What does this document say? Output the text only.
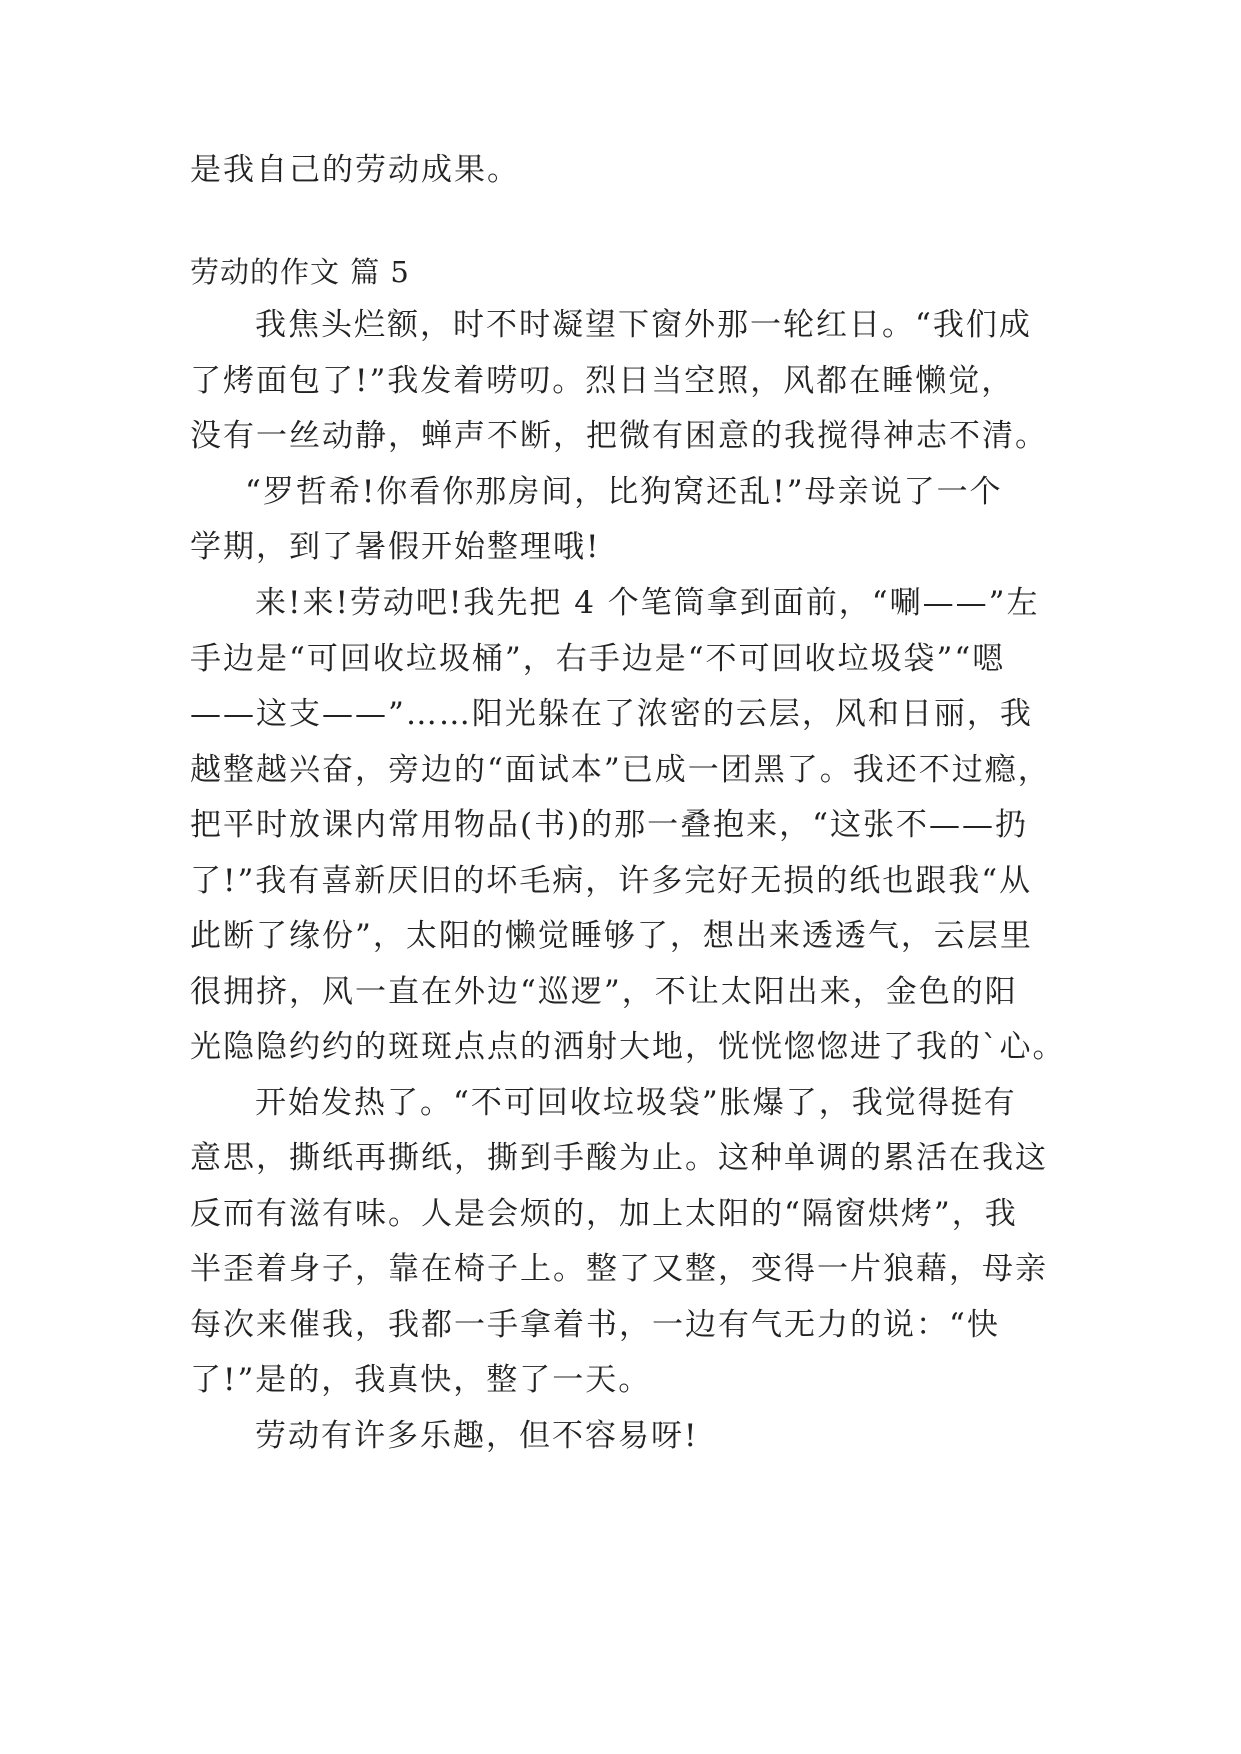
是我自己的劳动成果。
劳动的作文 篇 5
我焦头烂额，时不时凝望下窗外那一轮红日。“我们成
了烤面包了!”我发着唠叨。烈日当空照，风都在睡懒觉，
没有一丝动静，蝉声不断，把微有困意的我搅得神志不清。
“罗哲希!你看你那房间，比狗窝还乱!”母亲说了一个
学期，到了暑假开始整理哦!
来!来!劳动吧!我先把 4 个笔筒拿到面前，“唰——”左
手边是“可回收垃圾桶”，右手边是“不可回收垃圾袋”“嗯
——这支——”……阳光躲在了浓密的云层，风和日丽，我
越整越兴奋，旁边的“面试本”已成一团黑了。我还不过瘾，
把平时放课内常用物品(书)的那一叠抱来，“这张不——扔
了!”我有喜新厌旧的坏毛病，许多完好无损的纸也跟我“从
此断了缘份”，太阳的懒觉睡够了，想出来透透气，云层里
很拥挤，风一直在外边“巡逻”，不让太阳出来，金色的阳
光隐隐约约的斑斑点点的洒射大地，恍恍惚惚进了我的`心。
开始发热了。“不可回收垃圾袋”胀爆了，我觉得挺有
意思，撕纸再撕纸，撕到手酸为止。这种单调的累活在我这
反而有滋有味。人是会烦的，加上太阳的“隔窗烘烤”，我
半歪着身子，靠在椅子上。整了又整，变得一片狼藉，母亲
每次来催我，我都一手拿着书，一边有气无力的说：“快
了!”是的，我真快，整了一天。
劳动有许多乐趣，但不容易呀!
